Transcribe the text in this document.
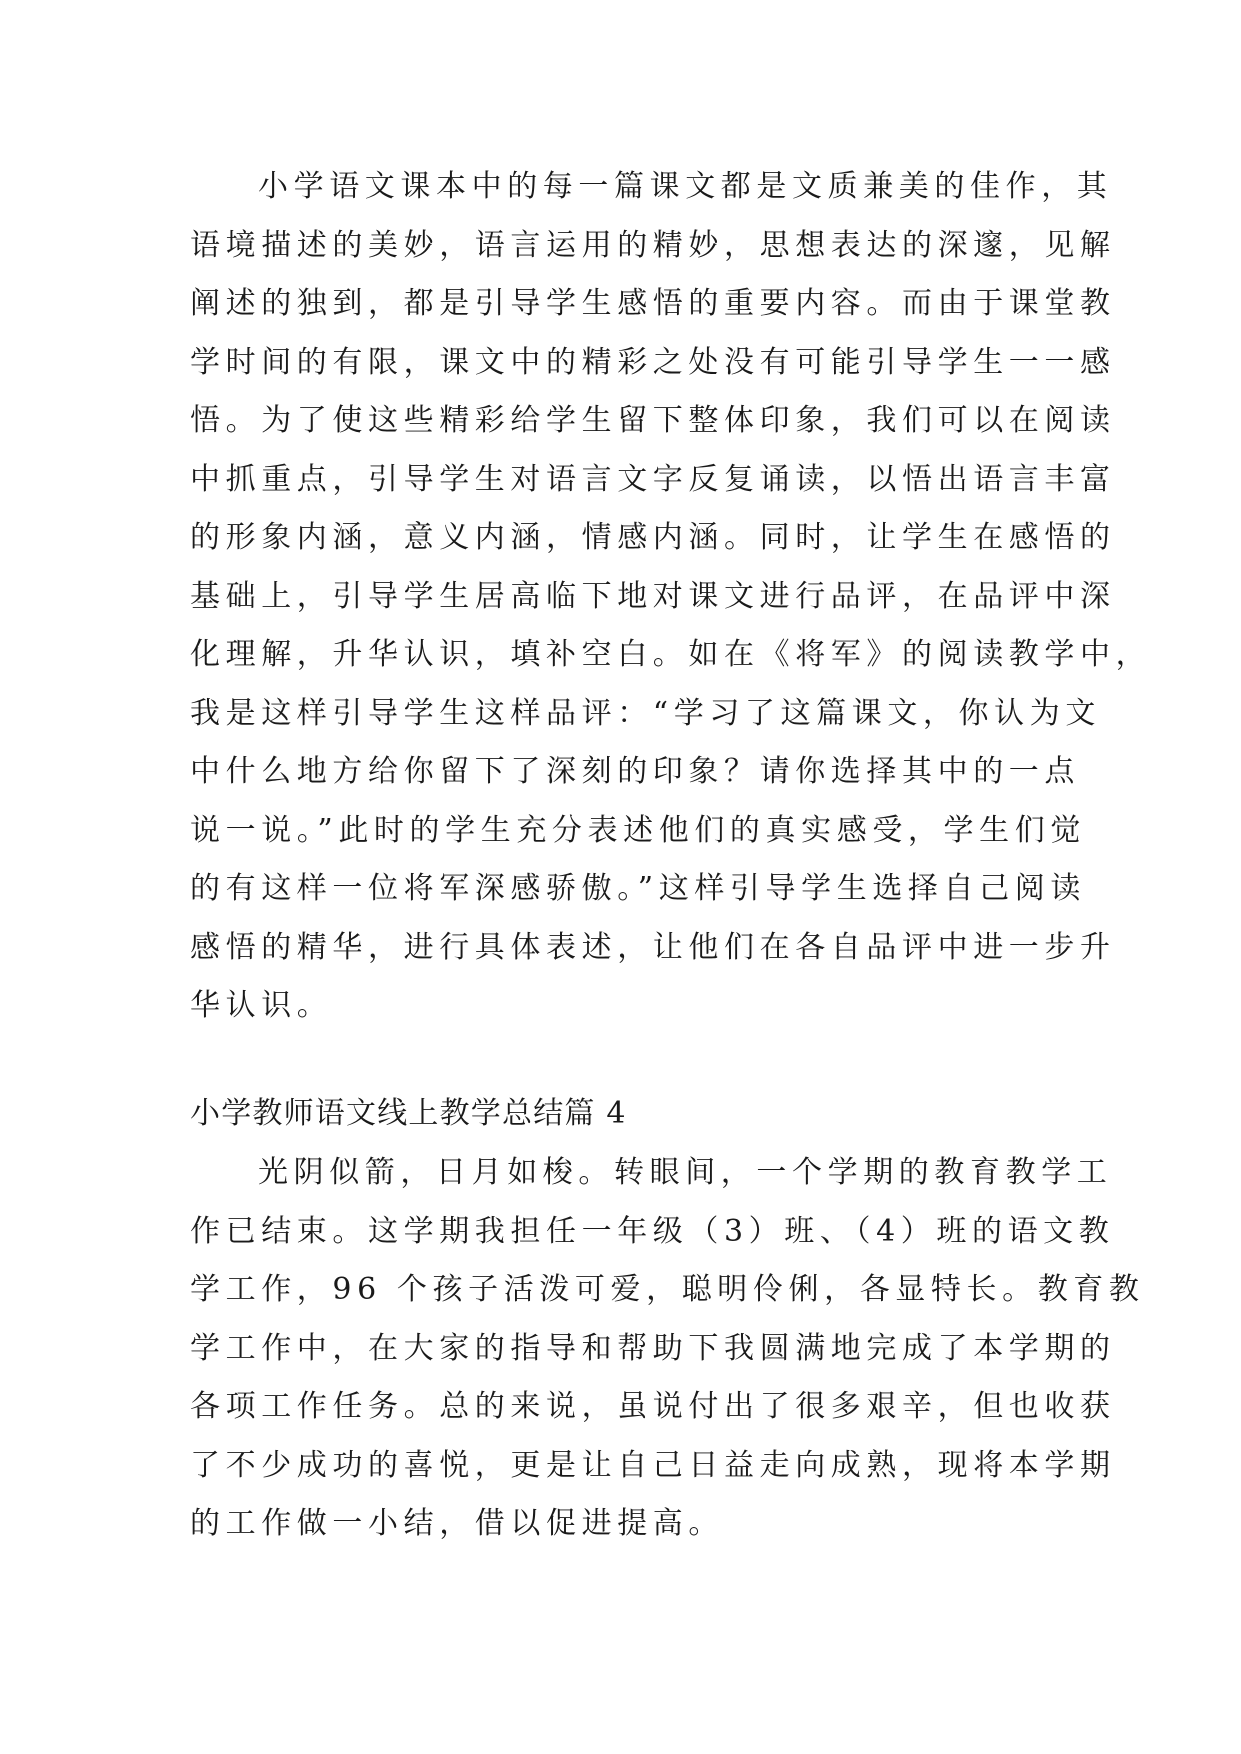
小学语文课本中的每一篇课文都是文质兼美的佳作，其
语境描述的美妙，语言运用的精妙，思想表达的深邃，见解
阐述的独到，都是引导学生感悟的重要内容。而由于课堂教
学时间的有限，课文中的精彩之处没有可能引导学生一一感
悟。为了使这些精彩给学生留下整体印象，我们可以在阅读
中抓重点，引导学生对语言文字反复诵读，以悟出语言丰富
的形象内涵，意义内涵，情感内涵。同时，让学生在感悟的
基础上，引导学生居高临下地对课文进行品评，在品评中深
化理解，升华认识，填补空白。如在《将军》的阅读教学中，
我是这样引导学生这样品评：“学习了这篇课文，你认为文
中什么地方给你留下了深刻的印象？请你选择其中的一点
说一说。”此时的学生充分表述他们的真实感受，学生们觉
的有这样一位将军深感骄傲。”这样引导学生选择自己阅读
感悟的精华，进行具体表述，让他们在各自品评中进一步升
华认识。
小学教师语文线上教学总结篇 4
光阴似箭，日月如梭。转眼间，一个学期的教育教学工
作已结束。这学期我担任一年级（3）班、（4）班的语文教
学工作，96 个孩子活泼可爱，聪明伶俐，各显特长。教育教
学工作中，在大家的指导和帮助下我圆满地完成了本学期的
各项工作任务。总的来说，虽说付出了很多艰辛，但也收获
了不少成功的喜悦，更是让自己日益走向成熟，现将本学期
的工作做一小结，借以促进提高。
